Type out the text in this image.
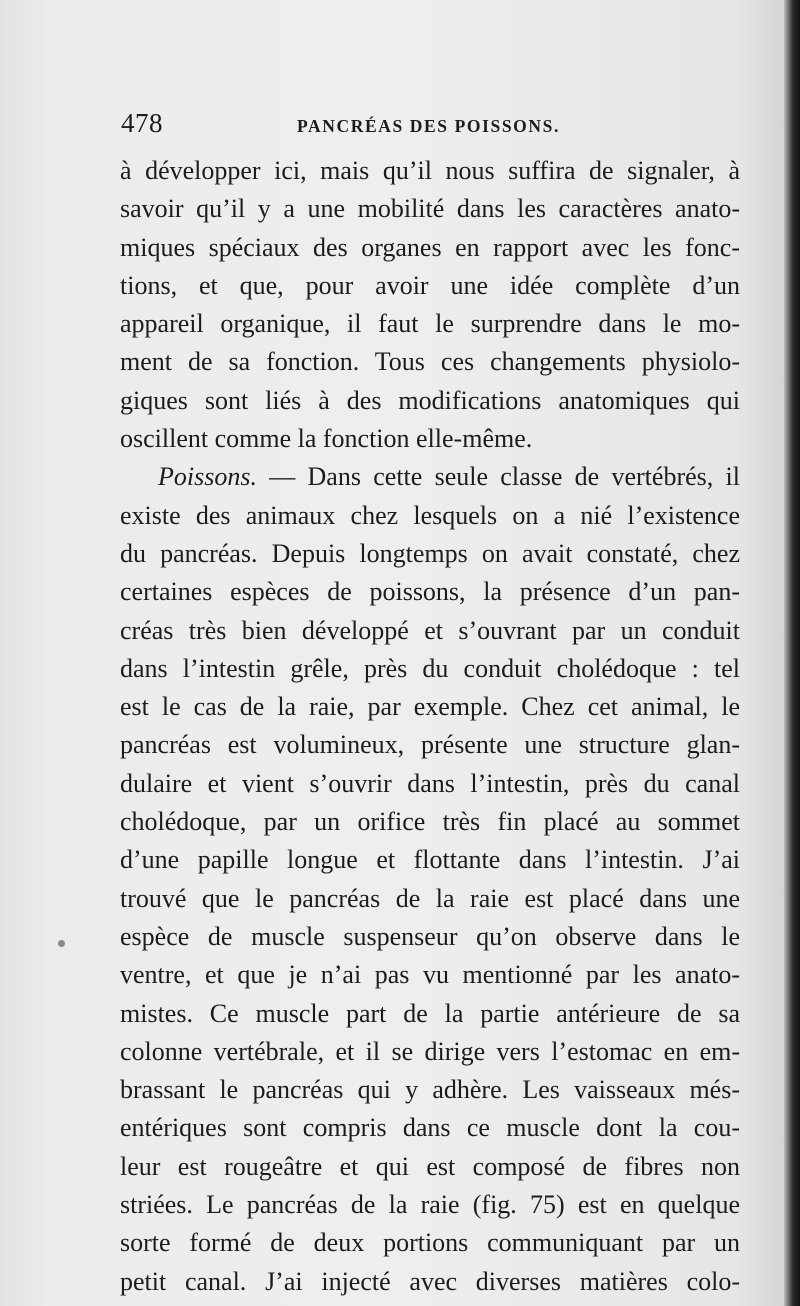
478	PANCRÉAS DES POISSONS.
à développer ici, mais qu’il nous suffira de signaler, à
savoir qu’il y a une mobilité dans les caractères anato-
miques spéciaux des organes en rapport avec les fonc-
tions, et que, pour avoir une idée complète d’un
appareil organique, il faut le surprendre dans le mo-
ment de sa fonction. Tous ces changements physiolo-
giques sont liés à des modifications anatomiques qui
oscillent comme la fonction elle-même.
Poissons. — Dans cette seule classe de vertébrés, il
existe des animaux chez lesquels on a nié l’existence
du pancréas. Depuis longtemps on avait constaté, chez
certaines espèces de poissons, la présence d’un pan-
créas très bien développé et s’ouvrant par un conduit
dans l’intestin grêle, près du conduit cholédoque : tel
est le cas de la raie, par exemple. Chez cet animal, le
pancréas est volumineux, présente une structure glan-
dulaire et vient s’ouvrir dans l’intestin, près du canal
cholédoque, par un orifice très fin placé au sommet
d’une papille longue et flottante dans l’intestin. J’ai
trouvé que le pancréas de la raie est placé dans une
espèce de muscle suspenseur qu’on observe dans le
ventre, et que je n’ai pas vu mentionné par les anato-
mistes. Ce muscle part de la partie antérieure de sa
colonne vertébrale, et il se dirige vers l’estomac en em-
brassant le pancréas qui y adhère. Les vaisseaux més-
entériques sont compris dans ce muscle dont la cou-
leur est rougeâtre et qui est composé de fibres non
striées. Le pancréas de la raie (fig. 75) est en quelque
sorte formé de deux portions communiquant par un
petit canal. J’ai injecté avec diverses matières colo-
